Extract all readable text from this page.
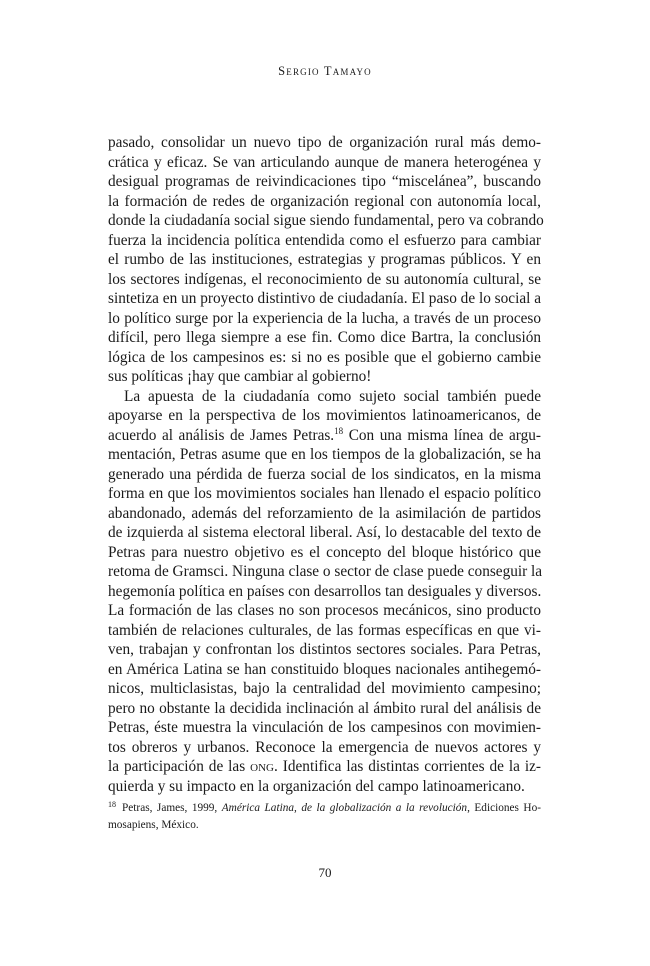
Sergio Tamayo
pasado, consolidar un nuevo tipo de organización rural más demo-
crática y eficaz. Se van articulando aunque de manera heterogénea y
desigual programas de reivindicaciones tipo “miscelánea”, buscando
la formación de redes de organización regional con autonomía local,
donde la ciudadanía social sigue siendo fundamental, pero va cobrando
fuerza la incidencia política entendida como el esfuerzo para cambiar
el rumbo de las instituciones, estrategias y programas públicos. Y en
los sectores indígenas, el reconocimiento de su autonomía cultural, se
sintetiza en un proyecto distintivo de ciudadanía. El paso de lo social a
lo político surge por la experiencia de la lucha, a través de un proceso
difícil, pero llega siempre a ese fin. Como dice Bartra, la conclusión
lógica de los campesinos es: si no es posible que el gobierno cambie
sus políticas ¡hay que cambiar al gobierno!
La apuesta de la ciudadanía como sujeto social también puede
apoyarse en la perspectiva de los movimientos latinoamericanos, de
acuerdo al análisis de James Petras.$^{18}$ Con una misma línea de argu-
mentación, Petras asume que en los tiempos de la globalización, se ha
generado una pérdida de fuerza social de los sindicatos, en la misma
forma en que los movimientos sociales han llenado el espacio político
abandonado, además del reforzamiento de la asimilación de partidos
de izquierda al sistema electoral liberal. Así, lo destacable del texto de
Petras para nuestro objetivo es el concepto del bloque histórico que
retoma de Gramsci. Ninguna clase o sector de clase puede conseguir la
hegemonía política en países con desarrollos tan desiguales y diversos.
La formación de las clases no son procesos mecánicos, sino producto
también de relaciones culturales, de las formas específicas en que vi-
ven, trabajan y confrontan los distintos sectores sociales. Para Petras,
en América Latina se han constituido bloques nacionales antihegemó-
nicos, multiclasistas, bajo la centralidad del movimiento campesino;
pero no obstante la decidida inclinación al ámbito rural del análisis de
Petras, éste muestra la vinculación de los campesinos con movimien-
tos obreros y urbanos. Reconoce la emergencia de nuevos actores y
la participación de las ong. Identifica las distintas corrientes de la iz-
quierda y su impacto en la organización del campo latinoamericano.
$^{18}$ Petras, James, 1999, América Latina, de la globalización a la revolución, Ediciones Ho-
mosapiens, México.
70
